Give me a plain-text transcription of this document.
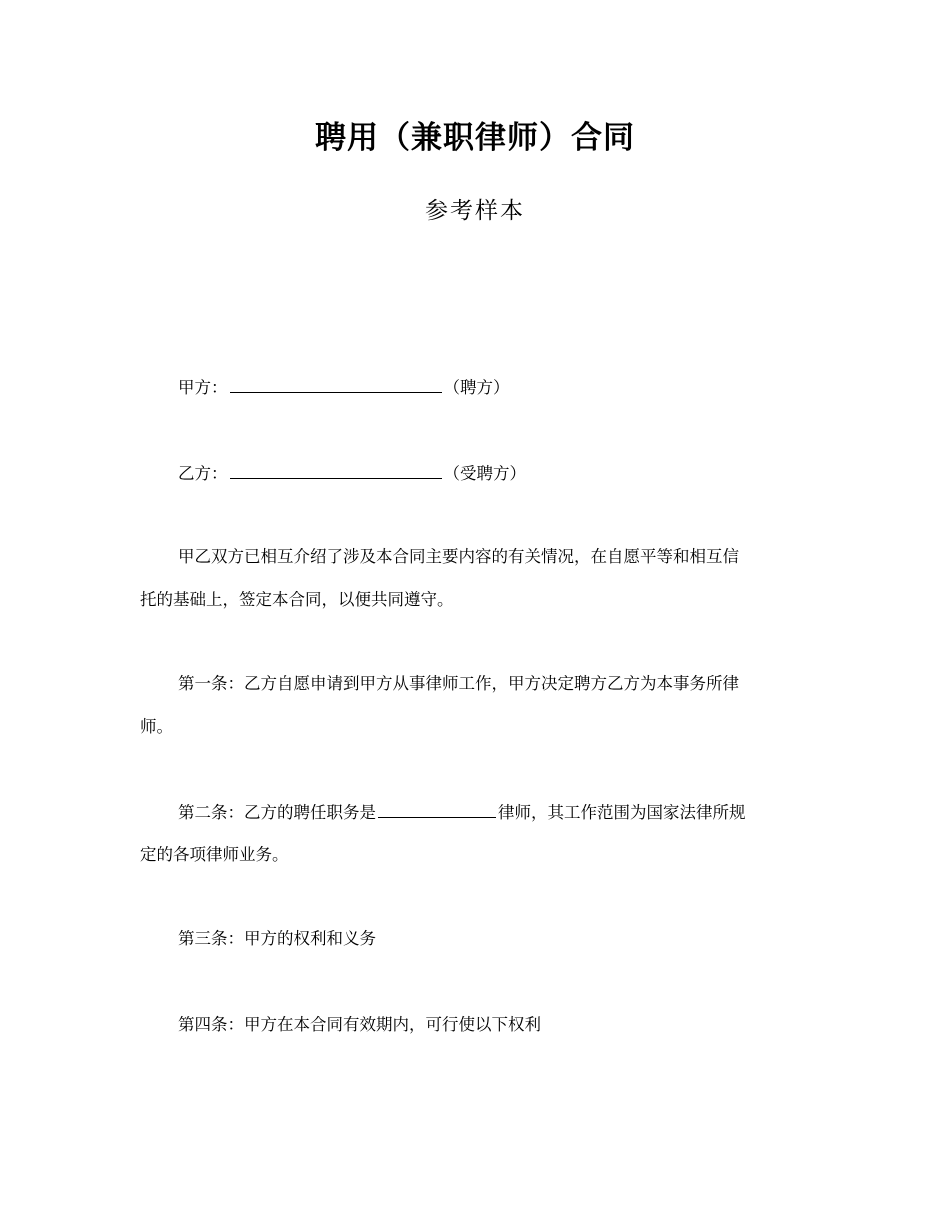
聘用（兼职律师）合同
参考样本
甲方：	（聘方）
乙方：	（受聘方）
甲乙双方已相互介绍了涉及本合同主要内容的有关情况，在自愿平等和相互信
托的基础上，签定本合同，以便共同遵守。
第一条：乙方自愿申请到甲方从事律师工作，甲方决定聘方乙方为本事务所律
师。
第二条：乙方的聘任职务是	律师，其工作范围为国家法律所规
定的各项律师业务。
第三条：甲方的权利和义务
第四条：甲方在本合同有效期内，可行使以下权利
